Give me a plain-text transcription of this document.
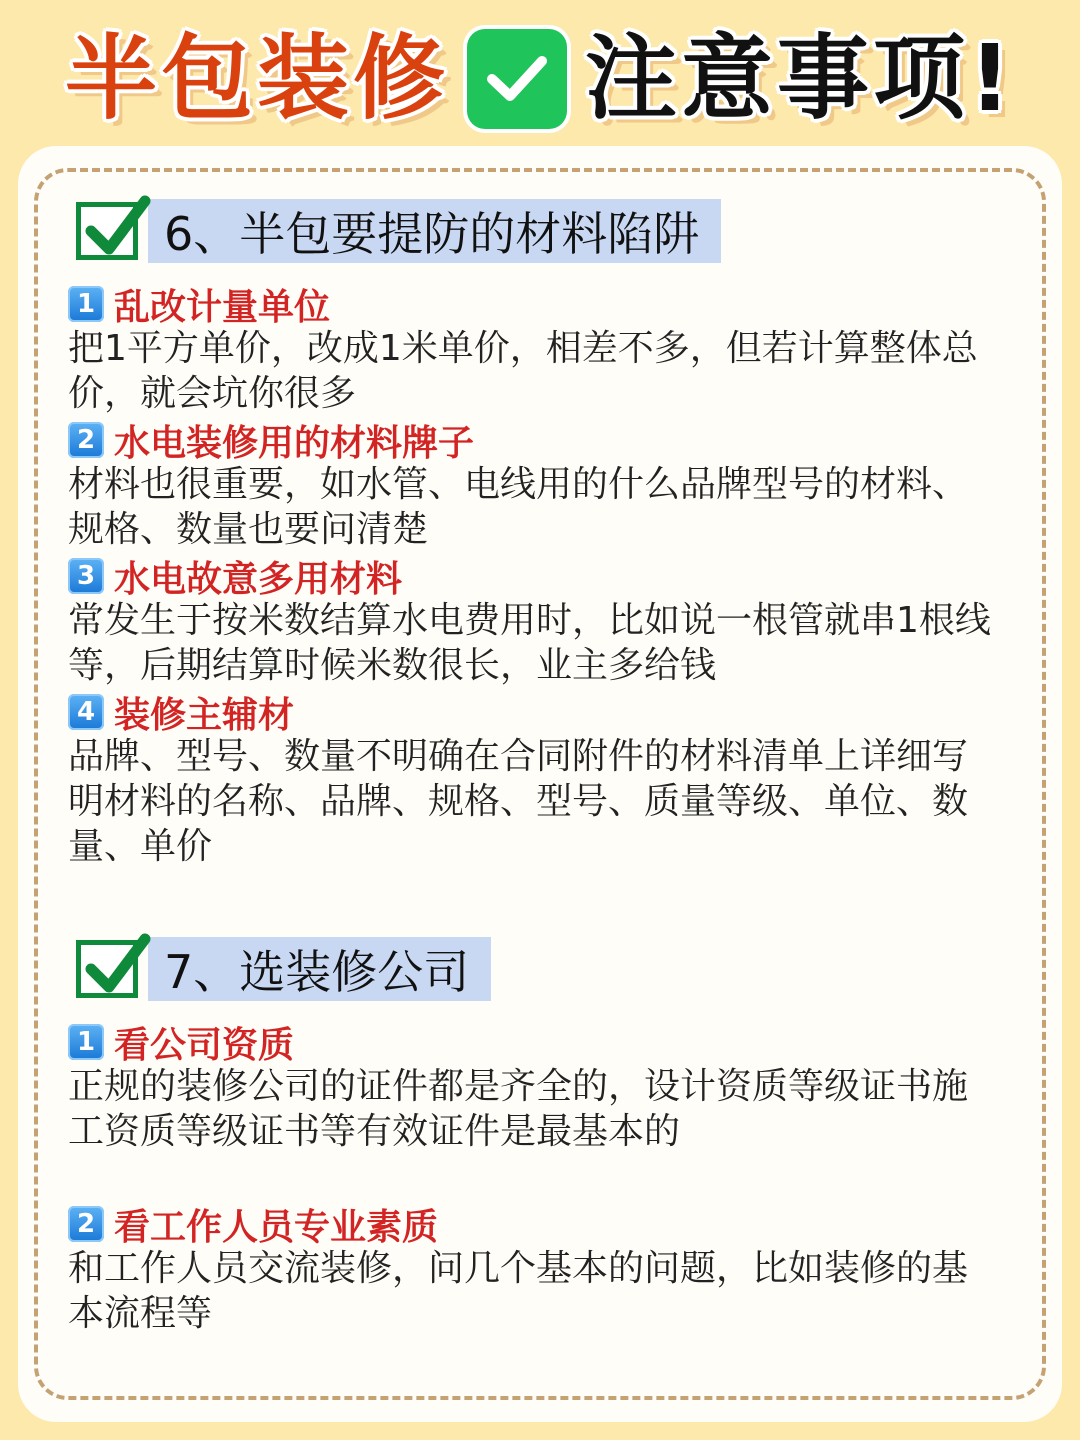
半包装修 注意事项!
6、半包要提防的材料陷阱
1 乱改计量单位
把1平方单价，改成1米单价，相差不多，但若计算整体总价，就会坑你很多
2 水电装修用的材料牌子
材料也很重要，如水管、电线用的什么品牌型号的材料、规格、数量也要问清楚
3 水电故意多用材料
常发生于按米数结算水电费用时，比如说一根管就串1根线等，后期结算时候米数很长，业主多给钱
4 装修主辅材
品牌、型号、数量不明确在合同附件的材料清单上详细写明材料的名称、品牌、规格、型号、质量等级、单位、数量、单价
7、选装修公司
1 看公司资质
正规的装修公司的证件都是齐全的，设计资质等级证书施工资质等级证书等有效证件是最基本的
2 看工作人员专业素质
和工作人员交流装修，问几个基本的问题，比如装修的基本流程等
